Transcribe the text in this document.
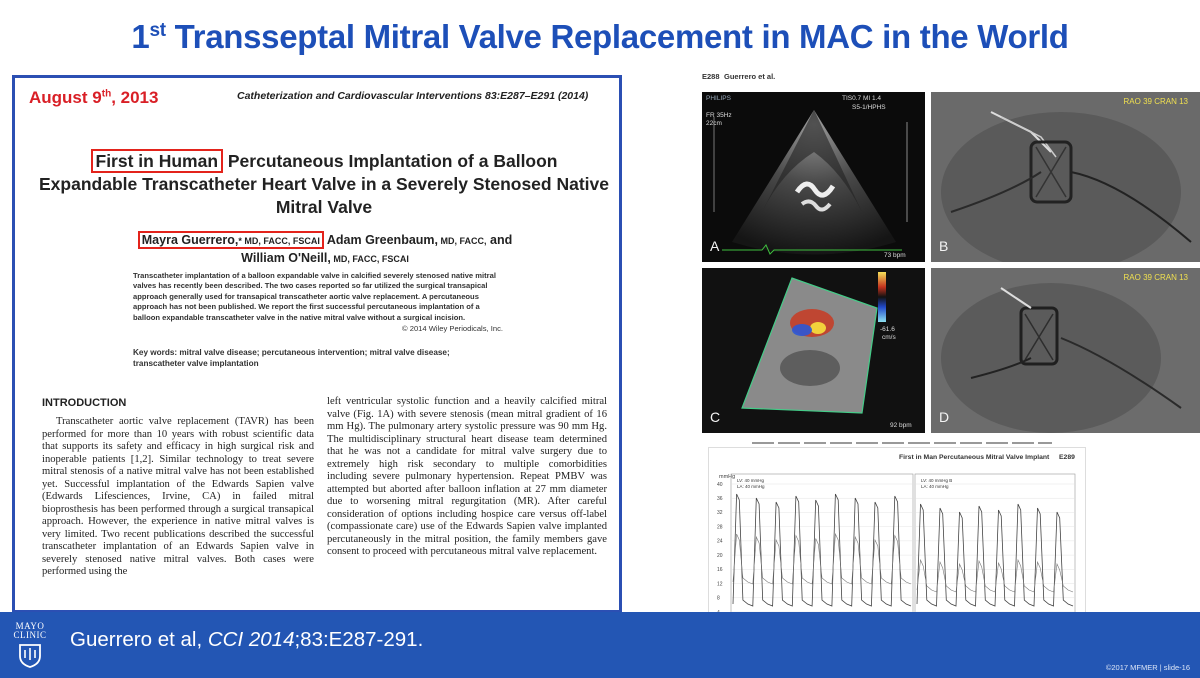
1st Transseptal Mitral Valve Replacement in MAC in the World
August 9th, 2013	Catheterization and Cardiovascular Interventions 83:E287–E291 (2014)
First in Human Percutaneous Implantation of a Balloon Expandable Transcatheter Heart Valve in a Severely Stenosed Native Mitral Valve
Mayra Guerrero,* MD, FACC, FSCAI Adam Greenbaum, MD, FACC, and
William O'Neill, MD, FACC, FSCAI
Transcatheter implantation of a balloon expandable valve in calcified severely stenosed native mitral valves has recently been described. The two cases reported so far utilized the surgical transapical approach generally used for transapical transcatheter aortic valve replacement. A percutaneous approach has not been published. We report the first successful percutaneous implantation of a balloon expandable transcatheter valve in the native mitral valve without a surgical incision.
© 2014 Wiley Periodicals, Inc.
Key words: mitral valve disease; percutaneous intervention; mitral valve disease; transcatheter valve implantation
INTRODUCTION
Transcatheter aortic valve replacement (TAVR) has been performed for more than 10 years with robust scientific data that supports its safety and efficacy in high surgical risk and inoperable patients [1,2]. Similar technology to treat severe mitral stenosis of a native mitral valve has not been established yet. Successful implantation of the Edwards Sapien valve (Edwards Lifesciences, Irvine, CA) in failed mitral bioprosthesis has been performed through a surgical transapical approach. However, the experience in native mitral valves is very limited. Two recent publications described the successful transcatheter implantation of an Edwards Sapien valve in severely stenosed native mitral valves. Both cases were performed using the
left ventricular systolic function and a heavily calcified mitral valve (Fig. 1A) with severe stenosis (mean mitral gradient of 16 mm Hg). The pulmonary artery systolic pressure was 90 mm Hg. The multidisciplinary structural heart disease team determined that he was not a candidate for mitral valve surgery due to extremely high risk secondary to multiple comorbidities including severe pulmonary hypertension. Repeat PMBV was attempted but aborted after balloon inflation at 27 mm diameter due to worsening mitral regurgitation (MR). After careful consideration of options including hospice care versus off-label (compassionate care) use of the Edwards Sapien valve implanted percutaneously in the mitral position, the family members gave consent to proceed with percutaneous mitral valve replacement.
E288 Guerrero et al.
PHILIPS	TIS0.7 MI 1.4
S5-1/HPHS
FR 35Hz
22cm
73 bpm
A
RAO 39 CRAN 13
B
-61.6
cm/s
92 bpm
C
RAO 39 CRAN 13
D
First in Man Percutaneous Mitral Valve Implant E289
mmHg
40
36
32
28
24
20
16
12
8
LV: 40 mmHg
LA: 40 mmHg
LV: 40 mmHg B
LA: 40 mmHg
MAYO
CLINIC Guerrero et al, CCI 2014;83:E287-291.
©2017 MFMER | slide-16
